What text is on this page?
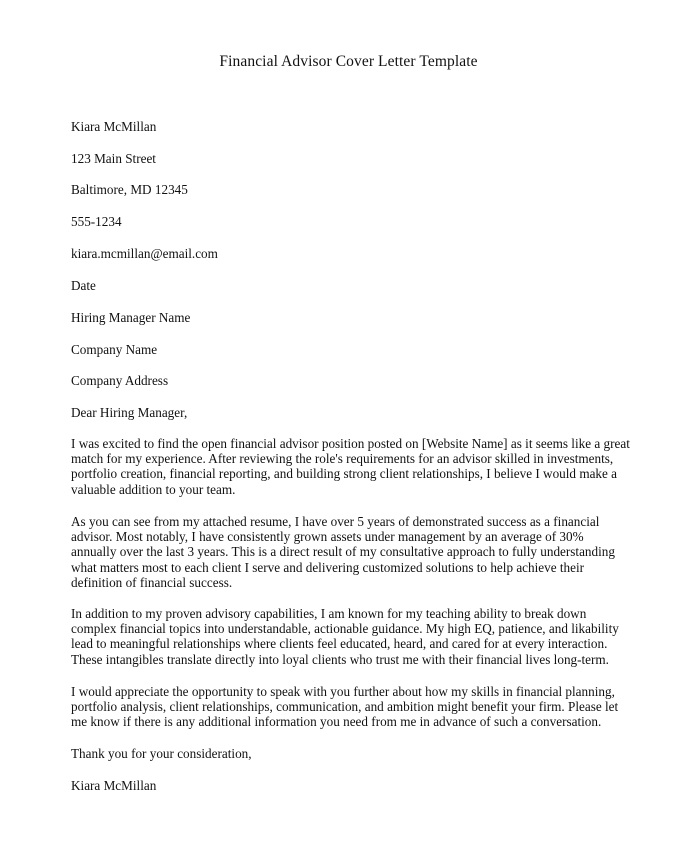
Financial Advisor Cover Letter Template
Kiara McMillan
123 Main Street
Baltimore, MD 12345
555-1234
kiara.mcmillan@email.com
Date
Hiring Manager Name
Company Name
Company Address
Dear Hiring Manager,
I was excited to find the open financial advisor position posted on [Website Name] as it seems like a great
match for my experience. After reviewing the role's requirements for an advisor skilled in investments,
portfolio creation, financial reporting, and building strong client relationships, I believe I would make a
valuable addition to your team.
As you can see from my attached resume, I have over 5 years of demonstrated success as a financial
advisor. Most notably, I have consistently grown assets under management by an average of 30%
annually over the last 3 years. This is a direct result of my consultative approach to fully understanding
what matters most to each client I serve and delivering customized solutions to help achieve their
definition of financial success.
In addition to my proven advisory capabilities, I am known for my teaching ability to break down
complex financial topics into understandable, actionable guidance. My high EQ, patience, and likability
lead to meaningful relationships where clients feel educated, heard, and cared for at every interaction.
These intangibles translate directly into loyal clients who trust me with their financial lives long-term.
I would appreciate the opportunity to speak with you further about how my skills in financial planning,
portfolio analysis, client relationships, communication, and ambition might benefit your firm. Please let
me know if there is any additional information you need from me in advance of such a conversation.
Thank you for your consideration,
Kiara McMillan
